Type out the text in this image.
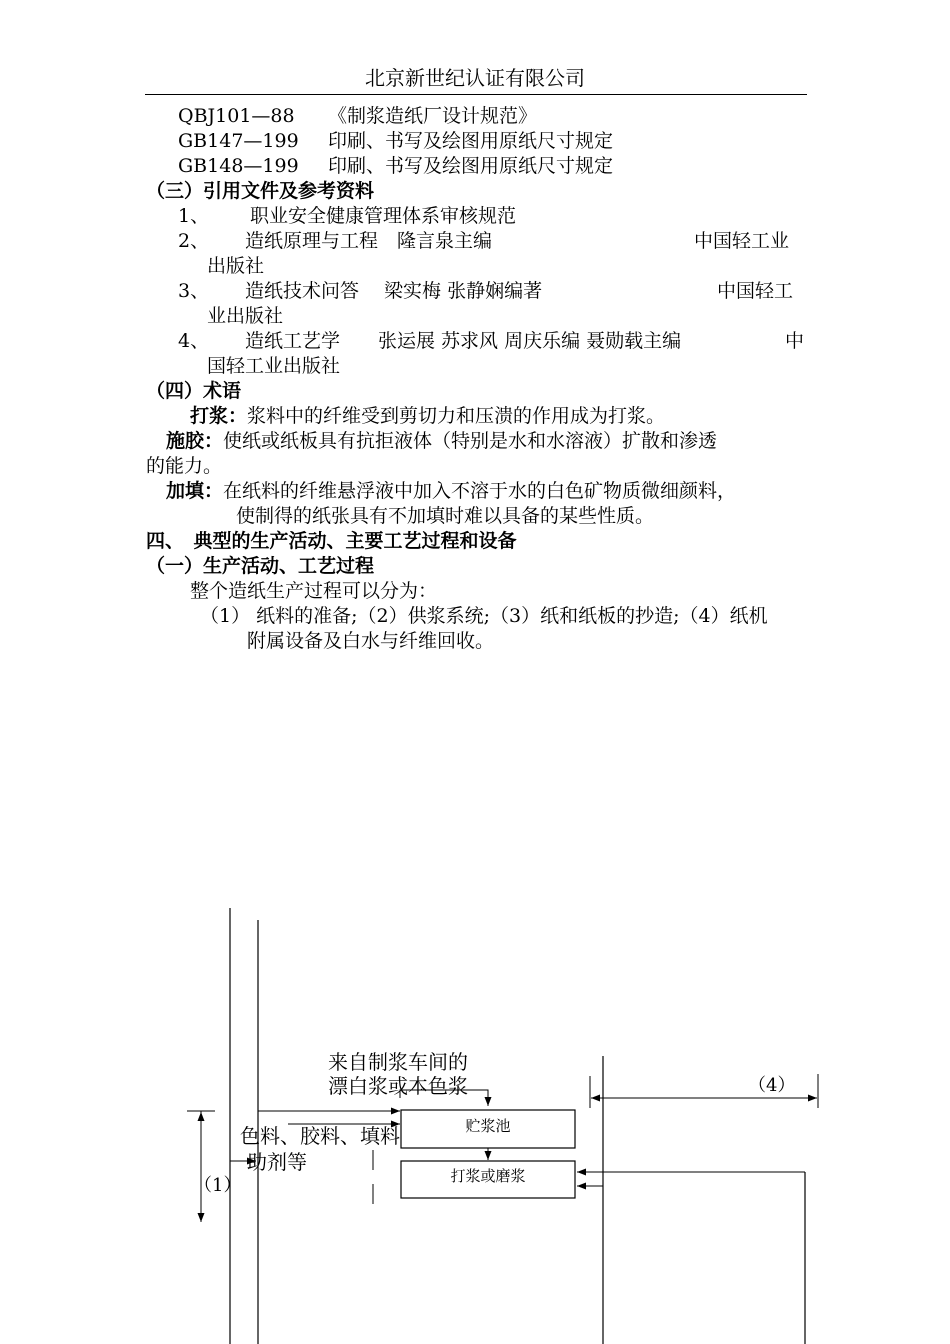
北京新世纪认证有限公司
QBJ101—88 《制浆造纸厂设计规范》
GB147—199 印刷、书写及绘图用原纸尺寸规定
GB148—199 印刷、书写及绘图用原纸尺寸规定
（三）引用文件及参考资料
1、 职业安全健康管理体系审核规范
2、 造纸原理与工程　隆言泉主编	中国轻工业
出版社
3、 造纸技术问答　 梁实梅 张静娴编著	中国轻工
业出版社
4、 造纸工艺学　　张运展 苏求风 周庆乐编 聂勋载主编	中
国轻工业出版社
（四）术语
打浆：浆料中的纤维受到剪切力和压溃的作用成为打浆。
施胶：使纸或纸板具有抗拒液体（特别是水和水溶液）扩散和渗透
的能力。
加填：在纸料的纤维悬浮液中加入不溶于水的白色矿物质微细颜料，
使制得的纸张具有不加填时难以具备的某些性质。
四、　典型的生产活动、主要工艺过程和设备
（一）生产活动、工艺过程
整个造纸生产过程可以分为：
（1） 纸料的准备;（2）供浆系统;（3）纸和纸板的抄造;（4）纸机
附属设备及白水与纤维回收。
来自制浆车间的
漂白浆或本色浆
色料、胶料、填料
助剂等
贮浆池
打浆或磨浆
（1）
（4）
